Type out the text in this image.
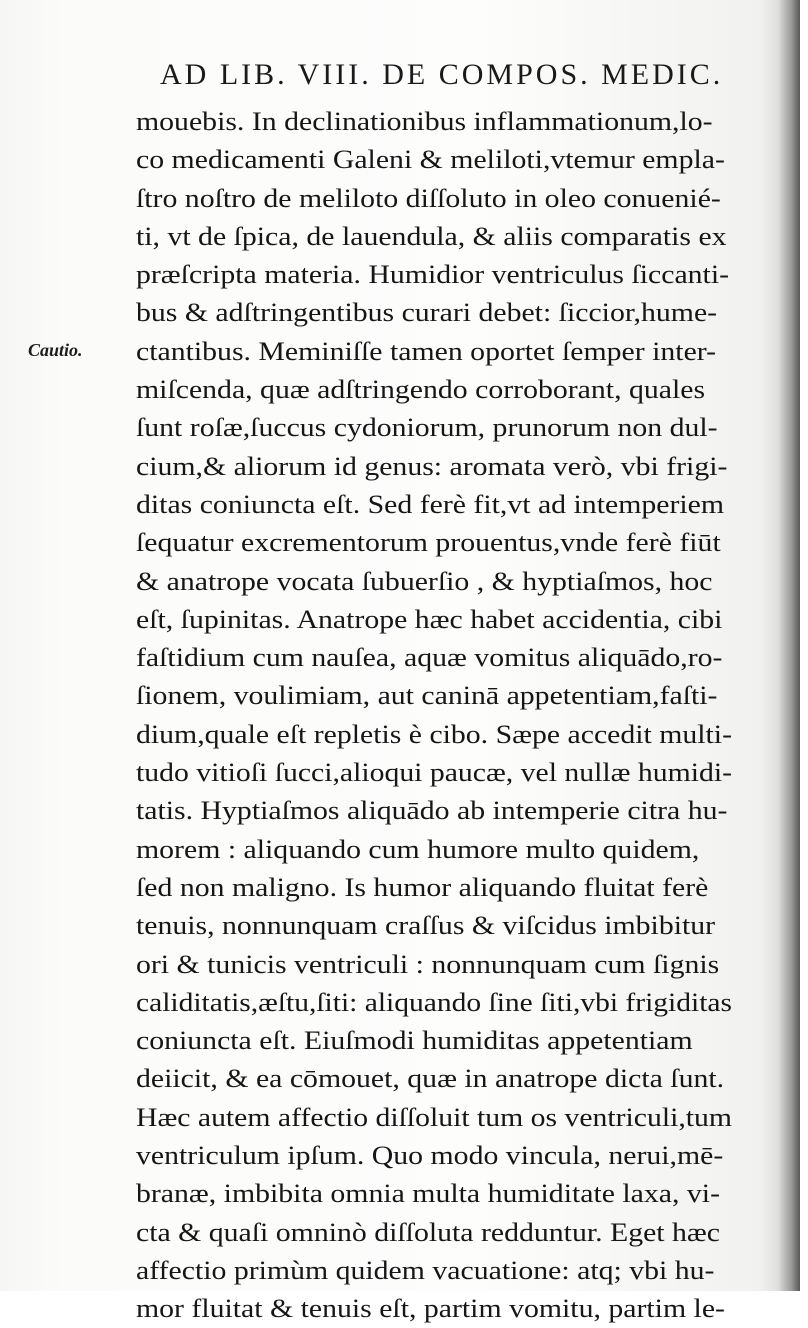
AD LIB. VIII. DE COMPOS. MEDIC.
Cautio.
mouebis. In declinationibus inflammationum,lo-
co medicamenti Galeni & meliloti,vtemur empla-
ſtro noſtro de meliloto diſſoluto in oleo conuenié-
ti, vt de ſpica, de lauendula, & aliis comparatis ex
præſcripta materia. Humidior ventriculus ſiccanti-
bus & adſtringentibus curari debet: ſiccior,hume-
ctantibus. Meminiſſe tamen oportet ſemper inter-
miſcenda, quæ adſtringendo corroborant, quales
ſunt roſæ,ſuccus cydoniorum, prunorum non dul-
cium,& aliorum id genus: aromata verò, vbi frigi-
ditas coniuncta eſt. Sed ferè fit,vt ad intemperiem
ſequatur excrementorum prouentus,vnde ferè fiūt
& anatrope vocata ſubuerſio , & hyptiaſmos, hoc
eſt, ſupinitas. Anatrope hæc habet accidentia, cibi
faſtidium cum nauſea, aquæ vomitus aliquādo,ro-
ſionem, voulimiam, aut caninā appetentiam,faſti-
dium,quale eſt repletis è cibo. Sæpe accedit multi-
tudo vitioſi ſucci,alioqui paucæ, vel nullæ humidi-
tatis. Hyptiaſmos aliquādo ab intemperie citra hu-
morem : aliquando cum humore multo quidem,
ſed non maligno. Is humor aliquando fluitat ferè
tenuis, nonnunquam craſſus & viſcidus imbibitur
ori & tunicis ventriculi : nonnunquam cum ſignis
caliditatis,æſtu,ſiti: aliquando ſine ſiti,vbi frigiditas
coniuncta eſt. Eiuſmodi humiditas appetentiam
deiicit, & ea cōmouet, quæ in anatrope dicta ſunt.
Hæc autem affectio diſſoluit tum os ventriculi,tum
ventriculum ipſum. Quo modo vincula, nerui,mē-
branæ, imbibita omnia multa humiditate laxa, vi-
cta & quaſi omninò diſſoluta redduntur. Eget hæc
affectio primùm quidem vacuatione: atq; vbi hu-
mor fluitat & tenuis eſt, partim vomitu, partim le-
